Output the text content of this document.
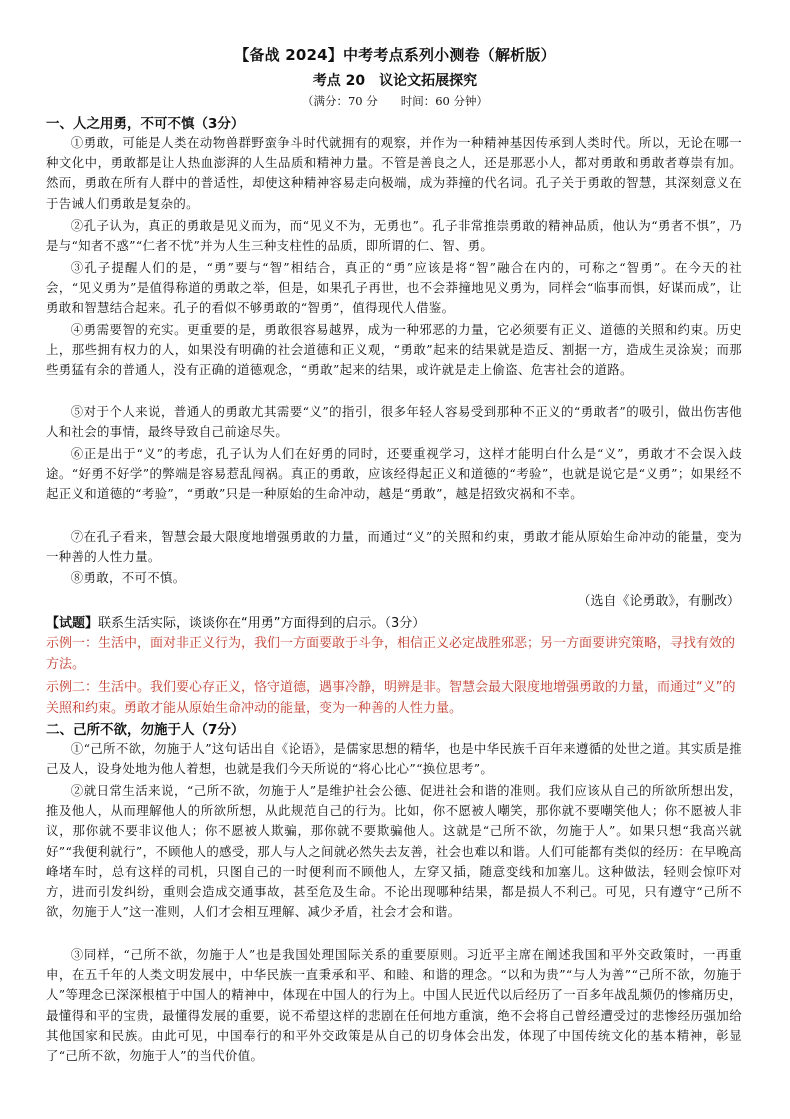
【备战 2024】中考考点系列小测卷（解析版）
考点 20　议论文拓展探究
（满分：70 分　　时间：60 分钟）
一、人之用勇，不可不慎（3分）
①勇敢，可能是人类在动物兽群野蛮争斗时代就拥有的观察，并作为一种精神基因传承到人类时代。所以，无论在哪一种文化中，勇敢都是让人热血澎湃的人生品质和精神力量。不管是善良之人，还是那恶小人，都对勇敢和勇敢者尊崇有加。然而，勇敢在所有人群中的普适性，却使这种精神容易走向极端，成为莽撞的代名词。孔子关于勇敢的智慧，其深刻意义在于告诫人们勇敢是复杂的。
②孔子认为，真正的勇敢是见义而为，而“见义不为，无勇也”。孔子非常推崇勇敢的精神品质，他认为“勇者不惧”，乃是与“知者不惑”“仁者不忧”并为人生三种支柱性的品质，即所谓的仁、智、勇。
③孔子提醒人们的是，“勇”要与“智”相结合，真正的“勇”应该是将“智”融合在内的，可称之“智勇”。在今天的社会，“见义勇为”是值得称道的勇敢之举，但是，如果孔子再世，也不会莽撞地见义勇为，同样会“临事而惧，好谋而成”，让勇敢和智慧结合起来。孔子的看似不够勇敢的“智勇”，值得现代人借鉴。
④勇需要智的充实。更重要的是，勇敢很容易越界，成为一种邪恶的力量，它必须要有正义、道德的关照和约束。历史上，那些拥有权力的人，如果没有明确的社会道德和正义观，“勇敢”起来的结果就是造反、割据一方，造成生灵涂炭；而那些勇猛有余的普通人，没有正确的道德观念，“勇敢”起来的结果，或许就是走上偷盗、危害社会的道路。
⑤对于个人来说，普通人的勇敢尤其需要“义”的指引，很多年轻人容易受到那种不正义的“勇敢者”的吸引，做出伤害他人和社会的事情，最终导致自己前途尽失。
⑥正是出于“义”的考虑，孔子认为人们在好勇的同时，还要重视学习，这样才能明白什么是“义”，勇敢才不会误入歧途。“好勇不好学”的弊端是容易惹乱闯祸。真正的勇敢，应该经得起正义和道德的“考验”，也就是说它是“义勇”；如果经不起正义和道德的“考验”，“勇敢”只是一种原始的生命冲动，越是“勇敢”，越是招致灾祸和不幸。
⑦在孔子看来，智慧会最大限度地增强勇敢的力量，而通过“义”的关照和约束，勇敢才能从原始生命冲动的能量，变为一种善的人性力量。
⑧勇敢，不可不慎。
（选自《论勇敢》，有删改）
【试题】联系生活实际，谈谈你在“用勇”方面得到的启示。（3分）
示例一：生活中，面对非正义行为，我们一方面要敢于斗争，相信正义必定战胜邪恶；另一方面要讲究策略，寻找有效的方法。
示例二：生活中。我们要心存正义，恪守道德，遇事冷静，明辨是非。智慧会最大限度地增强勇敢的力量，而通过“义”的关照和约束。勇敢才能从原始生命冲动的能量，变为一种善的人性力量。
二、己所不欲，勿施于人（7分）
①“己所不欲，勿施于人”这句话出自《论语》，是儒家思想的精华，也是中华民族千百年来遵循的处世之道。其实质是推己及人，设身处地为他人着想，也就是我们今天所说的“将心比心”“换位思考”。
②就日常生活来说，“己所不欲，勿施于人”是维护社会公德、促进社会和谐的准则。我们应该从自己的所欲所想出发，推及他人，从而理解他人的所欲所想，从此规范自己的行为。比如，你不愿被人嘲笑，那你就不要嘲笑他人；你不愿被人非议，那你就不要非议他人；你不愿被人欺骗，那你就不要欺骗他人。这就是“己所不欲，勿施于人”。如果只想“我高兴就好”“我便利就行”，不顾他人的感受，那人与人之间就必然失去友善，社会也难以和谐。人们可能都有类似的经历：在早晚高峰堵车时，总有这样的司机，只图自己的一时便利而不顾他人，左穿又插，随意变线和加塞儿。这种做法，轻则会惊吓对方，进而引发纠纷，重则会造成交通事故，甚至危及生命。不论出现哪种结果，都是损人不利己。可见，只有遵守“己所不欲，勿施于人”这一准则，人们才会相互理解、减少矛盾，社会才会和谐。
③同样，“己所不欲，勿施于人”也是我国处理国际关系的重要原则。习近平主席在阐述我国和平外交政策时，一再重申，在五千年的人类文明发展中，中华民族一直秉承和平、和睦、和谐的理念。“以和为贵”“与人为善”“己所不欲，勿施于人”等理念已深深根植于中国人的精神中，体现在中国人的行为上。中国人民近代以后经历了一百多年战乱频仍的惨痛历史，最懂得和平的宝贵，最懂得发展的重要，说不希望这样的悲剧在任何地方重演，绝不会将自己曾经遭受过的悲惨经历强加给其他国家和民族。由此可见，中国奉行的和平外交政策是从自己的切身体会出发，体现了中国传统文化的基本精神，彰显了“己所不欲，勿施于人”的当代价值。
